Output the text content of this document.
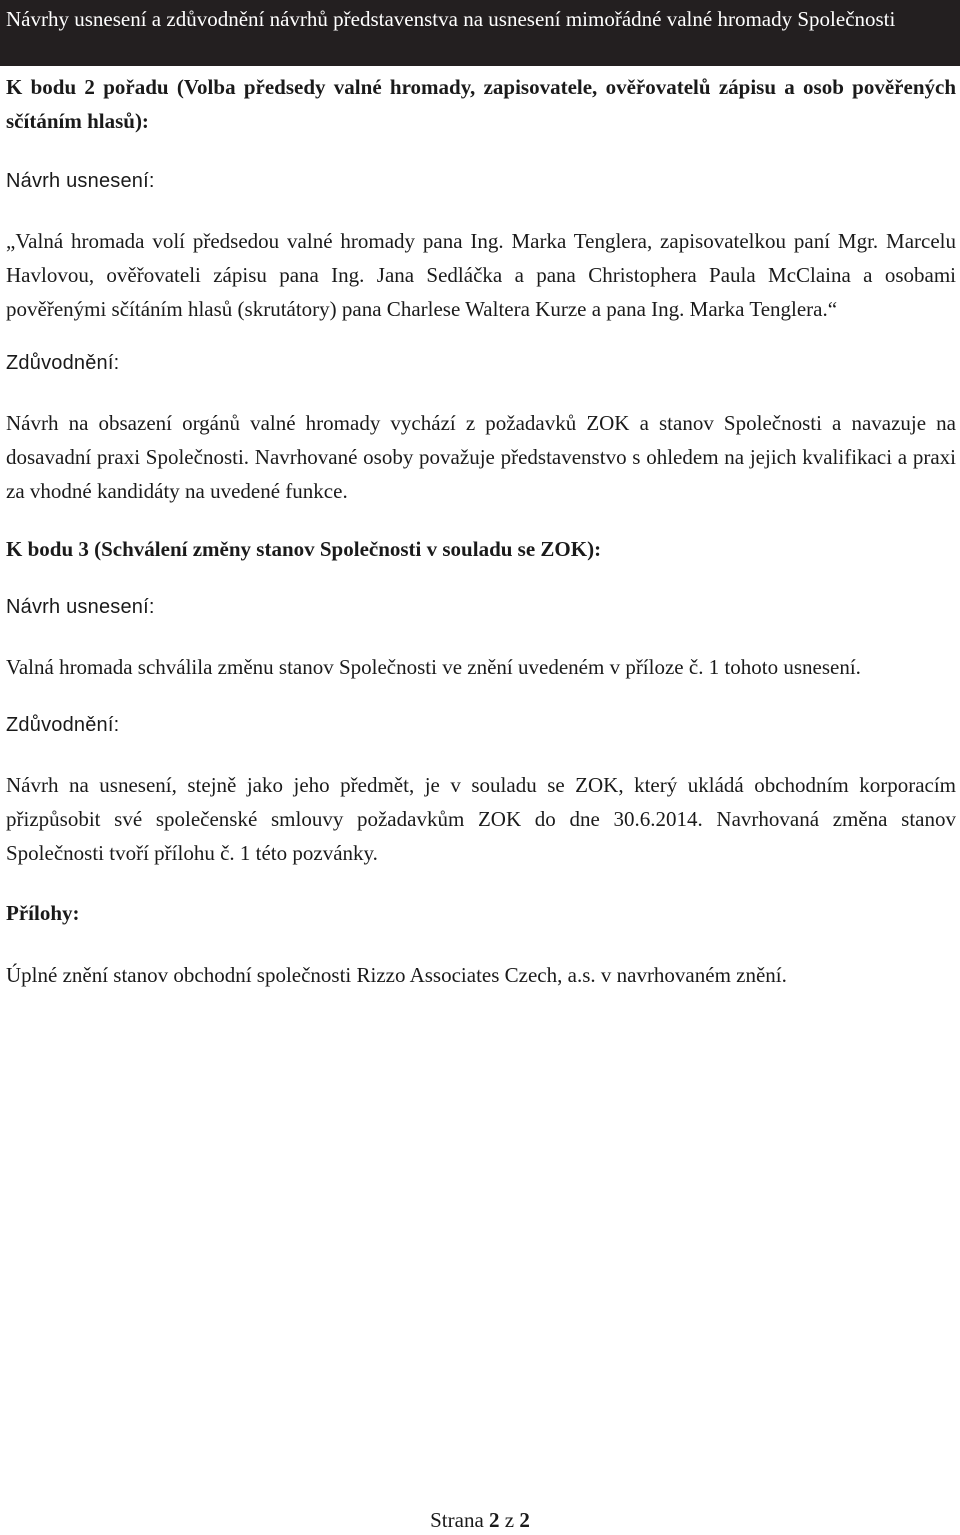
Návrhy usnesení a zdůvodnění návrhů představenstva na usnesení mimořádné valné hromady Společnosti

K bodu 2 pořadu (Volba předsedy valné hromady, zapisovatele, ověřovatelů zápisu a osob pověřených sčítáním hlasů):

Návrh usnesení:

„Valná hromada volí předsedou valné hromady pana Ing. Marka Tenglera, zapisovatelkou paní Mgr. Marcelu Havlovou, ověřovateli zápisu pana Ing. Jana Sedláčka a pana Christophera Paula McClaina a osobami pověřenými sčítáním hlasů (skrutátory) pana Charlese Waltera Kurze a pana Ing. Marka Tenglera.“

Zdůvodnění:

Návrh na obsazení orgánů valné hromady vychází z požadavků ZOK a stanov Společnosti a navazuje na dosavadní praxi Společnosti. Navrhované osoby považuje představenstvo s ohledem na jejich kvalifikaci a praxi za vhodné kandidáty na uvedené funkce.

K bodu 3 (Schválení změny stanov Společnosti v souladu se ZOK):

Návrh usnesení:

Valná hromada schválila změnu stanov Společnosti ve znění uvedeném v příloze č. 1 tohoto usnesení.

Zdůvodnění:

Návrh na usnesení, stejně jako jeho předmět, je v souladu se ZOK, který ukládá obchodním korporacím přizpůsobit své společenské smlouvy požadavkům ZOK do dne 30.6.2014. Navrhovaná změna stanov Společnosti tvoří přílohu č. 1 této pozvánky.

Přílohy:

Úplné znění stanov obchodní společnosti Rizzo Associates Czech, a.s. v navrhovaném znění.

Strana 2 z 2
